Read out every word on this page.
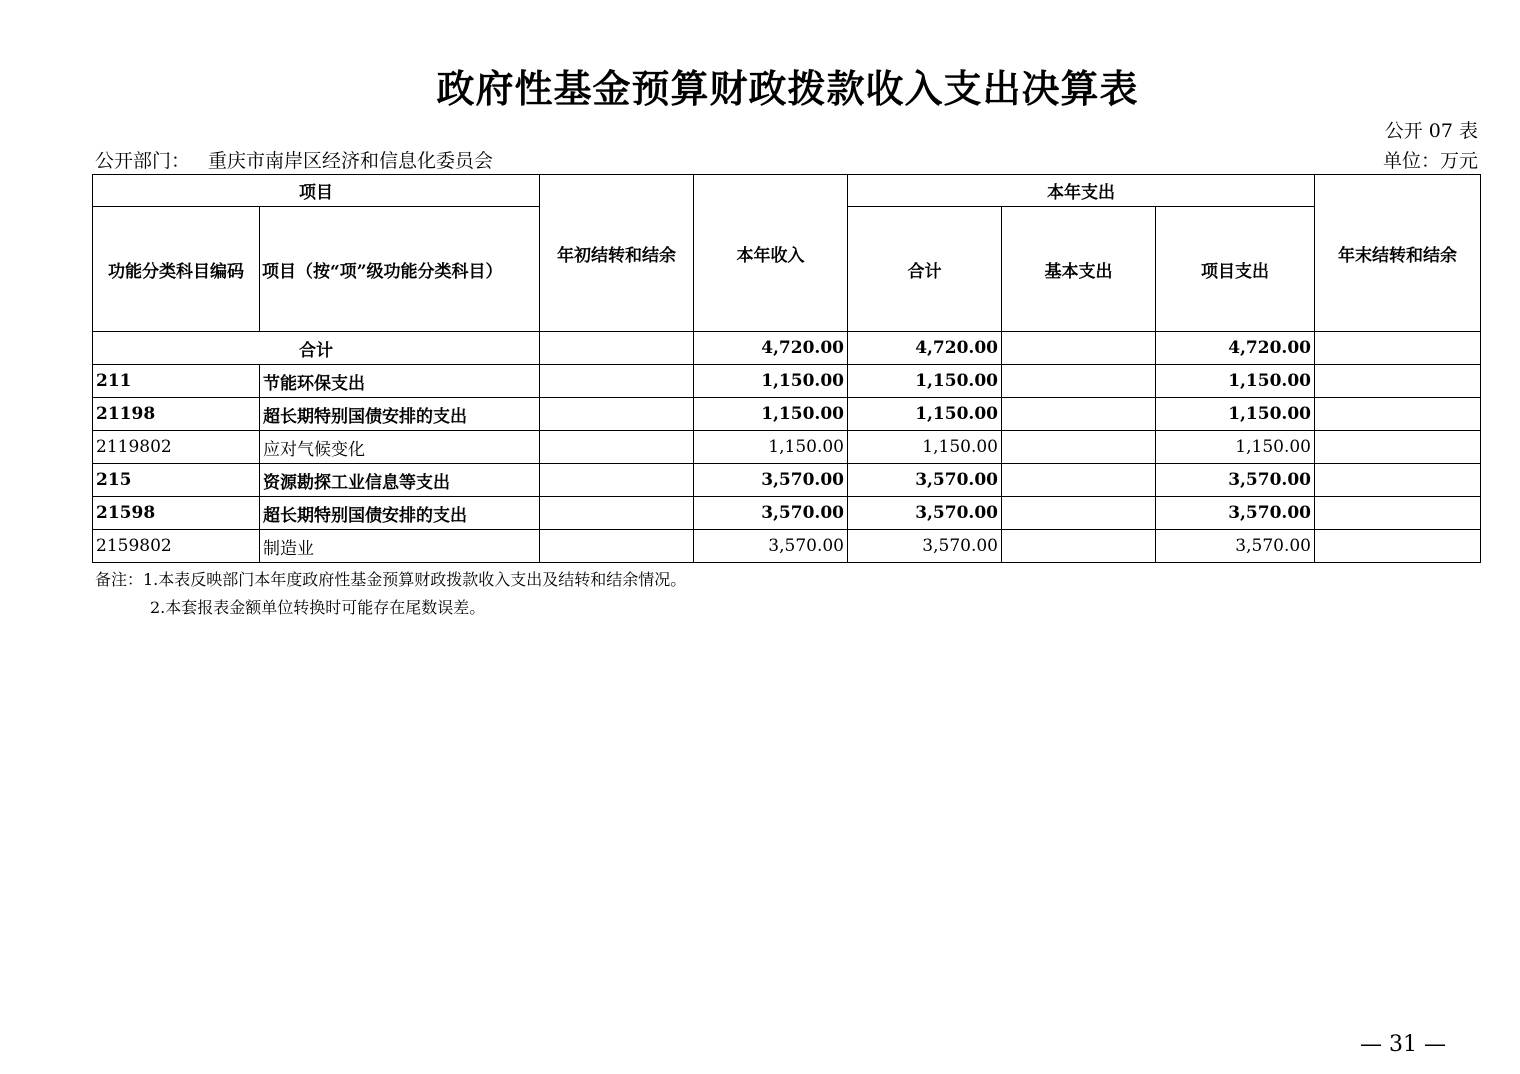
政府性基金预算财政拨款收入支出决算表
公开 07 表
公开部门： 重庆市南岸区经济和信息化委员会	单位：万元
项目		年初结转和结余	本年收入	本年支出			年末结转和结余
功能分类科目编码	项目（按“项”级功能分类科目）			合计	基本支出	项目支出	
合计			4,720.00	4,720.00		4,720.00	
211	节能环保支出		1,150.00	1,150.00		1,150.00	
21198	超长期特别国债安排的支出		1,150.00	1,150.00		1,150.00	
2119802	应对气候变化		1,150.00	1,150.00		1,150.00	
215	资源勘探工业信息等支出		3,570.00	3,570.00		3,570.00	
21598	超长期特别国债安排的支出		3,570.00	3,570.00		3,570.00	
2159802	制造业		3,570.00	3,570.00		3,570.00	
备注：1.本表反映部门本年度政府性基金预算财政拨款收入支出及结转和结余情况。
2.本套报表金额单位转换时可能存在尾数误差。
— 31 —
